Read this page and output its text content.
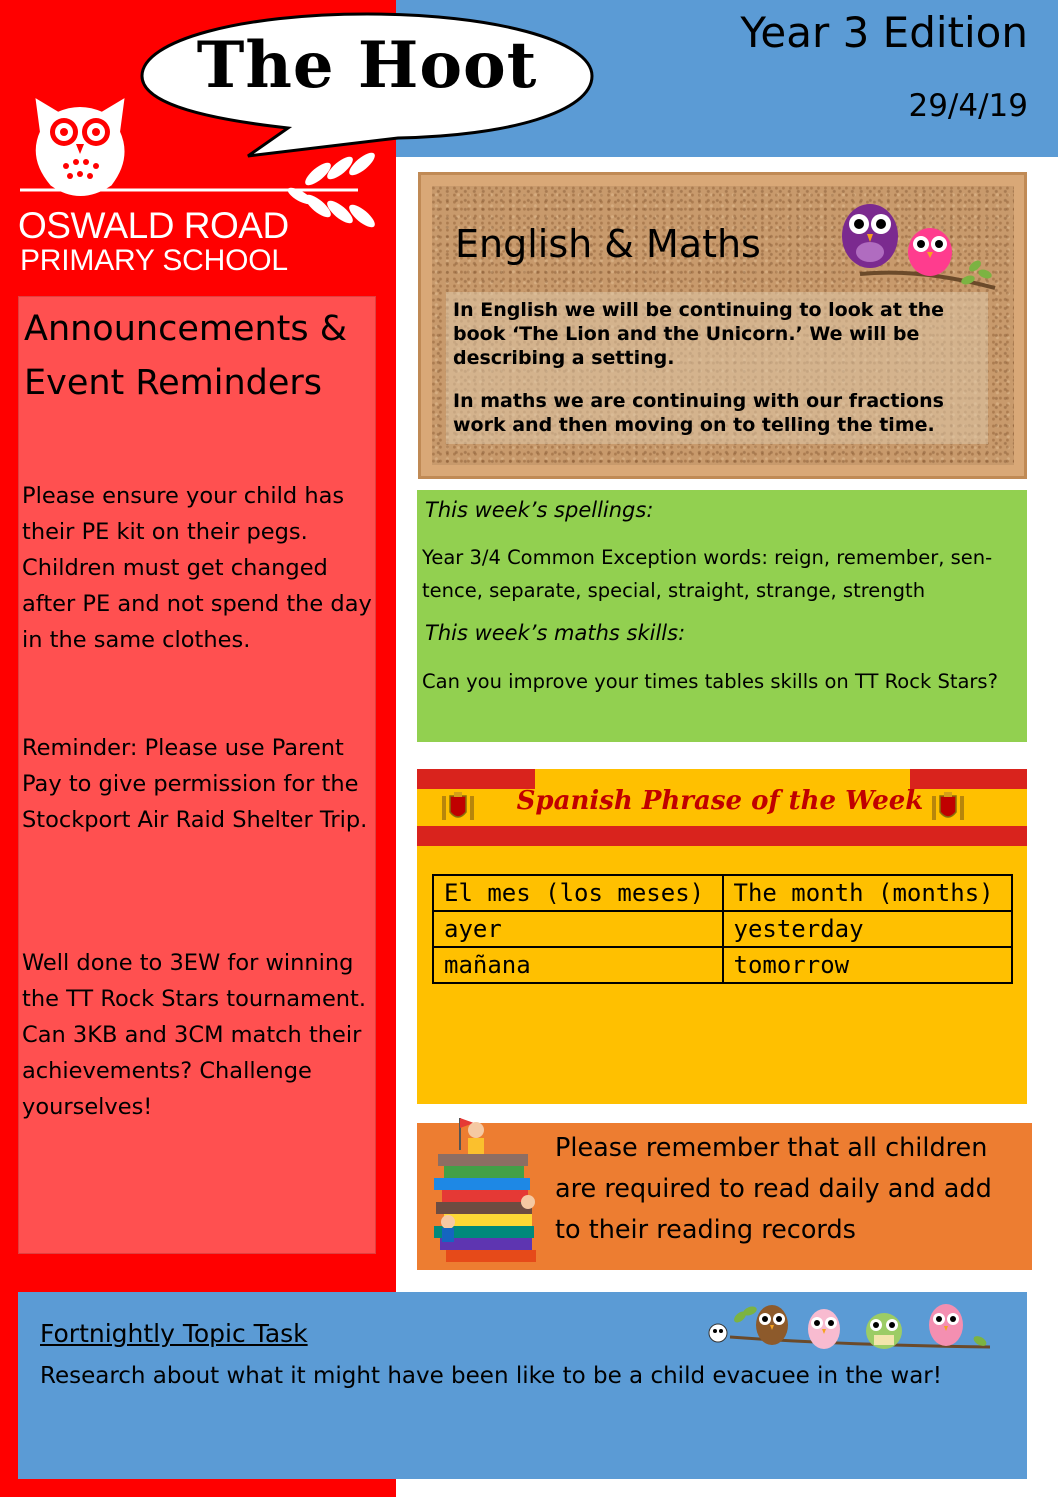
The Hoot	Year 3 Edition
29/4/19
OSWALD ROAD
PRIMARY SCHOOL
Announcements & Event Reminders
Please ensure your child has their PE kit on their pegs. Children must get changed after PE and not spend the day in the same clothes.
Reminder: Please use Parent Pay to give permission for the Stockport Air Raid Shelter Trip.
Well done to 3EW for winning the TT Rock Stars tournament. Can 3KB and 3CM match their achievements? Challenge yourselves!
English & Maths
In English we will be continuing to look at the book ‘The Lion and the Unicorn.’ We will be describing a setting.
In maths we are continuing with our fractions work and then moving on to telling the time.
This week’s spellings:
Year 3/4 Common Exception words: reign, remember, sen-tence, separate, special, straight, strange, strength
This week’s maths skills:
Can you improve your times tables skills on TT Rock Stars?
Spanish Phrase of the Week
El mes (los meses)	The month (months)
ayer	yesterday
mañana	tomorrow
Please remember that all children are required to read daily and add to their reading records
Fortnightly Topic Task
Research about what it might have been like to be a child evacuee in the war!
